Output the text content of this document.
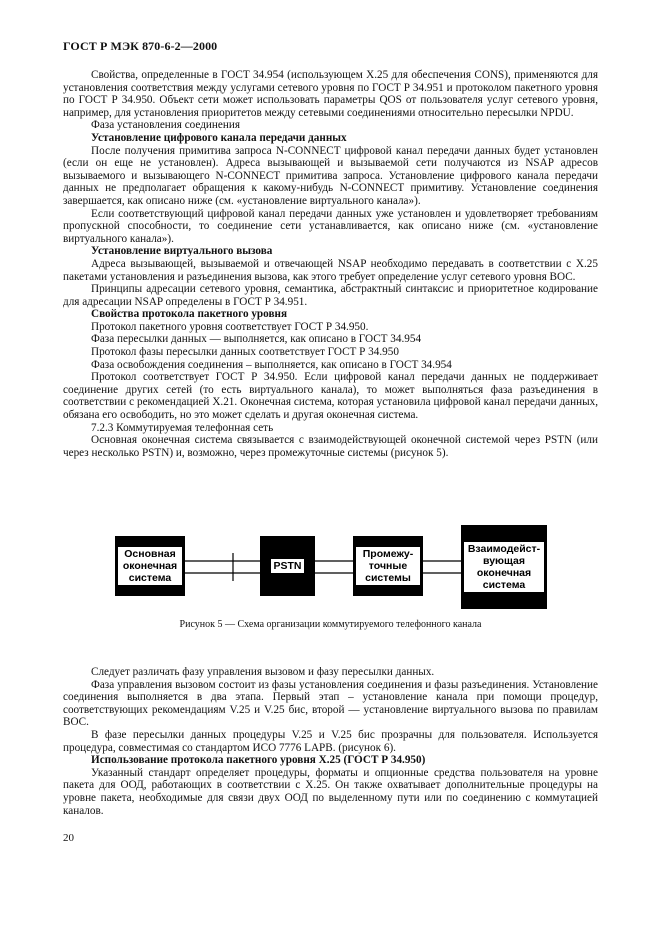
ГОСТ Р МЭК 870-6-2—2000

Свойства, определенные в ГОСТ 34.954 (использующем X.25 для обеспечения CONS), применяются для установления соответствия между услугами сетевого уровня по ГОСТ Р 34.951 и протоколом пакетного уровня по ГОСТ Р 34.950. Объект сети может использовать параметры QOS от пользователя услуг сетевого уровня, например, для установления приоритетов между сетевыми соединениями относительно пересылки NPDU.

Фаза установления соединения

Установление цифрового канала передачи данных

После получения примитива запроса N-CONNECT цифровой канал передачи данных будет установлен (если он еще не установлен). Адреса вызывающей и вызываемой сети получаются из NSAP адресов вызываемого и вызывающего N-CONNECT примитива запроса. Установление цифрового канала передачи данных не предполагает обращения к какому-нибудь N-CONNECT примитиву. Установление соединения завершается, как описано ниже (см. «установление виртуального канала»).

Если соответствующий цифровой канал передачи данных уже установлен и удовлетворяет требованиям пропускной способности, то соединение сети устанавливается, как описано ниже (см. «установление виртуального канала»).

Установление виртуального вызова

Адреса вызывающей, вызываемой и отвечающей NSAP необходимо передавать в соответствии с X.25 пакетами установления и разъединения вызова, как этого требует определение услуг сетевого уровня ВОС.

Принципы адресации сетевого уровня, семантика, абстрактный синтаксис и приоритетное кодирование для адресации NSAP определены в ГОСТ Р 34.951.

Свойства протокола пакетного уровня

Протокол пакетного уровня соответствует ГОСТ Р 34.950.

Фаза пересылки данных — выполняется, как описано в ГОСТ 34.954

Протокол фазы пересылки данных соответствует ГОСТ Р 34.950

Фаза освобождения соединения – выполняется, как описано в ГОСТ 34.954

Протокол соответствует ГОСТ Р 34.950. Если цифровой канал передачи данных не поддерживает соединение других сетей (то есть виртуального канала), то может выполняться фаза разъединения в соответствии с рекомендацией X.21. Оконечная система, которая установила цифровой канал передачи данных, обязана его освободить, но это может сделать и другая оконечная система.

7.2.3 Коммутируемая телефонная сеть

Основная оконечная система связывается с взаимодействующей оконечной системой через PSTN (или через несколько PSTN) и, возможно, через промежуточные системы (рисунок 5).

Основная оконечная система
PSTN
Промежу-точные системы
Взаимодейст-вующая оконечная система
Рисунок 5 — Схема организации коммутируемого телефонного канала

Следует различать фазу управления вызовом и фазу пересылки данных.

Фаза управления вызовом состоит из фазы установления соединения и фазы разъединения. Установление соединения выполняется в два этапа. Первый этап – установление канала при помощи процедур, соответствующих рекомендациям V.25 и V.25 бис, второй — установление виртуального вызова по правилам ВОС.

В фазе пересылки данных процедуры V.25 и V.25 бис прозрачны для пользователя. Используется процедура, совместимая со стандартом ИСО 7776 LAPB. (рисунок 6).

Использование протокола пакетного уровня X.25 (ГОСТ Р 34.950)

Указанный стандарт определяет процедуры, форматы и опционные средства пользователя на уровне пакета для ООД, работающих в соответствии с X.25. Он также охватывает дополнительные процедуры на уровне пакета, необходимые для связи двух ООД по выделенному пути или по соединению с коммутацией каналов.

20
